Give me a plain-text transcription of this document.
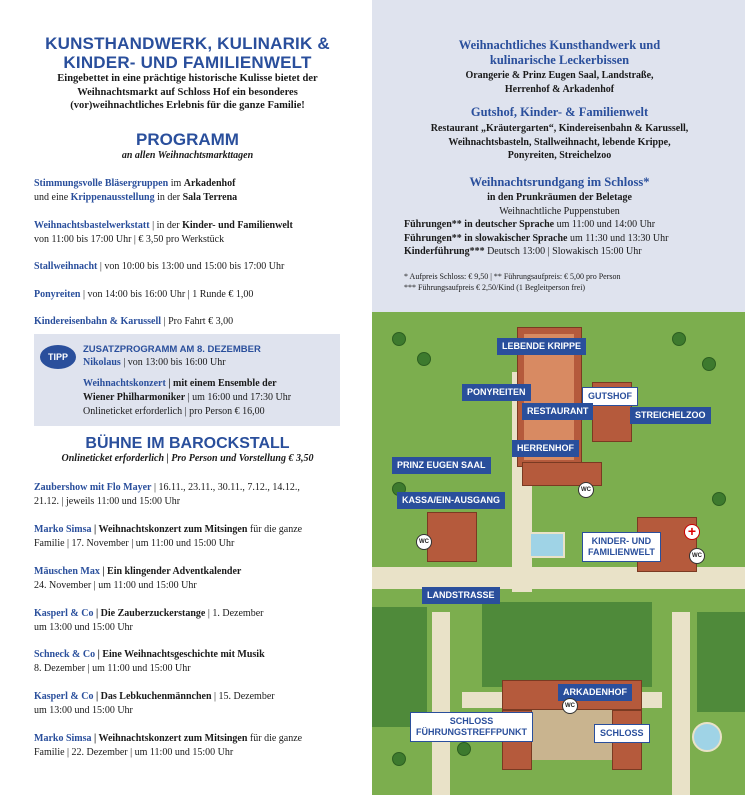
KUNSTHANDWERK, KULINARIK &
KINDER- UND FAMILIENWELT
Eingebettet in eine prächtige historische Kulisse bietet der
Weihnachtsmarkt auf Schloss Hof ein besonderes
(vor)weihnachtliches Erlebnis für die ganze Familie!
PROGRAMM
an allen Weihnachtsmarkttagen
Stimmungsvolle Bläsergruppen im Arkadenhof
und eine Krippenausstellung in der Sala Terrena
Weihnachtsbastelwerkstatt | in der Kinder- und Familienwelt
von 11:00 bis 17:00 Uhr | € 3,50 pro Werkstück
Stallweihnacht | von 10:00 bis 13:00 und 15:00 bis 17:00 Uhr
Ponyreiten | von 14:00 bis 16:00 Uhr | 1 Runde € 1,00
Kindereisenbahn & Karussell | Pro Fahrt € 3,00
TIPP
ZUSATZPROGRAMM AM 8. DEZEMBER
Nikolaus | von 13:00 bis 16:00 Uhr
Weihnachtskonzert | mit einem Ensemble der
Wiener Philharmoniker | um 16:00 und 17:30 Uhr
Onlineticket erforderlich | pro Person € 16,00
BÜHNE IM BAROCKSTALL
Onlineticket erforderlich | Pro Person und Vorstellung € 3,50
Zaubershow mit Flo Mayer | 16.11., 23.11., 30.11., 7.12., 14.12.,
21.12. | jeweils 11:00 und 15:00 Uhr
Marko Simsa | Weihnachtskonzert zum Mitsingen für die ganze
Familie | 17. November | um 11:00 und 15:00 Uhr
Mäuschen Max | Ein klingender Adventkalender
24. November | um 11:00 und 15:00 Uhr
Kasperl & Co | Die Zauberzuckerstange | 1. Dezember
um 13:00 und 15:00 Uhr
Schneck & Co | Eine Weihnachtsgeschichte mit Musik
8. Dezember | um 11:00 und 15:00 Uhr
Kasperl & Co | Das Lebkuchenmännchen | 15. Dezember
um 13:00 und 15:00 Uhr
Marko Simsa | Weihnachtskonzert zum Mitsingen für die ganze
Familie | 22. Dezember | um 11:00 und 15:00 Uhr
Weihnachtliches Kunsthandwerk und
kulinarische Leckerbissen
Orangerie & Prinz Eugen Saal, Landstraße,
Herrenhof & Arkadenhof
Gutshof, Kinder- & Familienwelt
Restaurant „Kräutergarten“, Kindereisenbahn & Karussell,
Weihnachtsbasteln, Stallweihnacht, lebende Krippe,
Ponyreiten, Streichelzoo
Weihnachtsrundgang im Schloss*
in den Prunkräumen der Beletage
Weihnachtliche Puppenstuben
Führungen** in deutscher Sprache um 11:00 und 14:00 Uhr
Führungen** in slowakischer Sprache um 11:30 und 13:30 Uhr
Kinderführung*** Deutsch 13:00 | Slowakisch 15:00 Uhr
* Aufpreis Schloss: € 9,50 | ** Führungsaufpreis: € 5,00 pro Person
*** Führungsaufpreis € 2,50/Kind (1 Begleitperson frei)
LEBENDE KRIPPE
PONYREITEN	GUTSHOF
RESTAURANT	STREICHELZOO
HERRENHOF
PRINZ EUGEN SAAL
KASSA/EIN-AUSGANG
KINDER- UND
FAMILIENWELT
LANDSTRASSE
ARKADENHOF
SCHLOSS
FÜHRUNGSTREFFPUNKT	SCHLOSS
WC
WC
WC
WC
+
